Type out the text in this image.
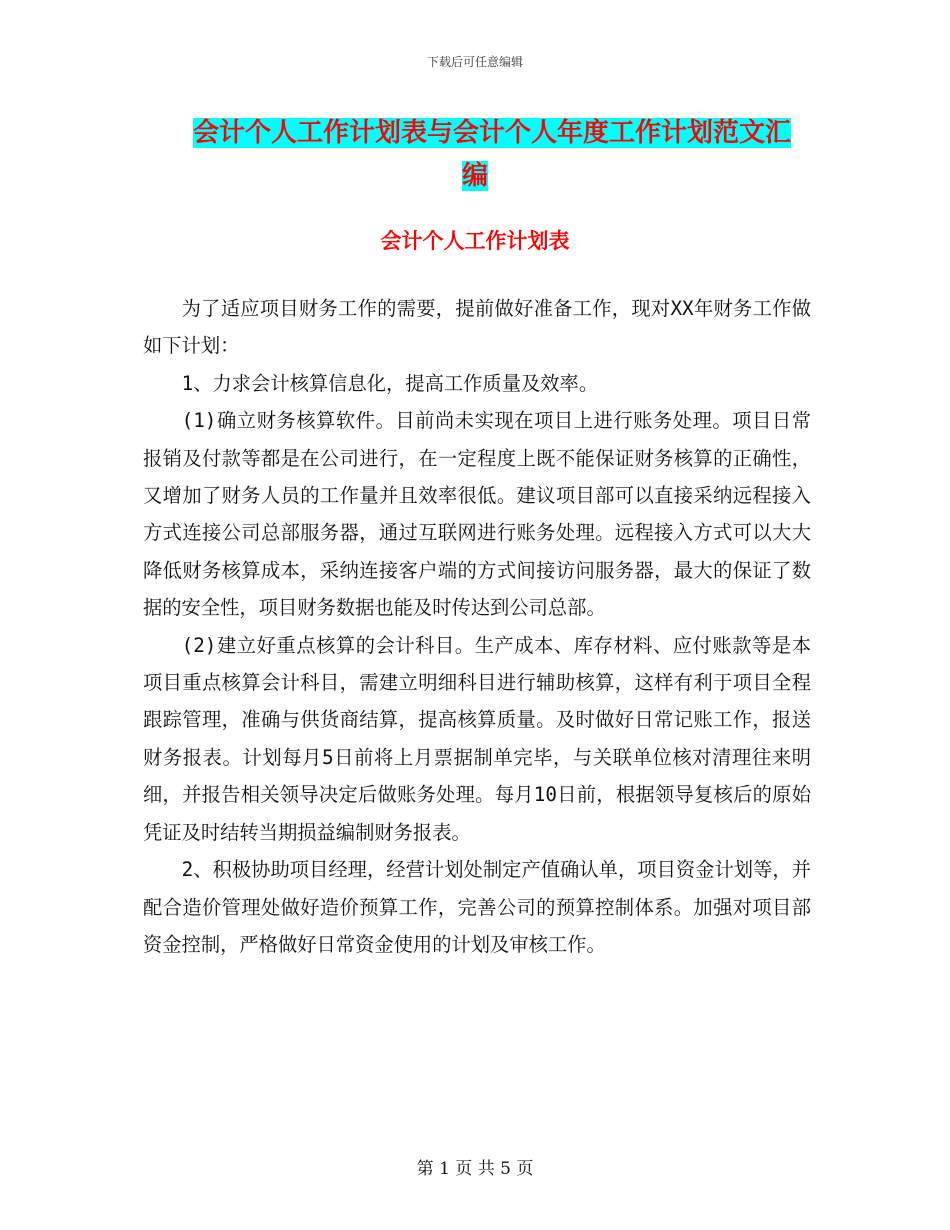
下载后可任意编辑
会计个人工作计划表与会计个人年度工作计划范文汇
编
会计个人工作计划表

为了适应项目财务工作的需要，提前做好准备工作，现对XX年财务工作做如下计划：

1、力求会计核算信息化，提高工作质量及效率。

(1)确立财务核算软件。目前尚未实现在项目上进行账务处理。项目日常报销及付款等都是在公司进行，在一定程度上既不能保证财务核算的正确性，又增加了财务人员的工作量并且效率很低。建议项目部可以直接采纳远程接入方式连接公司总部服务器，通过互联网进行账务处理。远程接入方式可以大大降低财务核算成本，采纳连接客户端的方式间接访问服务器，最大的保证了数据的安全性，项目财务数据也能及时传达到公司总部。

(2)建立好重点核算的会计科目。生产成本、库存材料、应付账款等是本项目重点核算会计科目，需建立明细科目进行辅助核算，这样有利于项目全程跟踪管理，准确与供货商结算，提高核算质量。及时做好日常记账工作，报送财务报表。计划每月5日前将上月票据制单完毕，与关联单位核对清理往来明细，并报告相关领导决定后做账务处理。每月10日前，根据领导复核后的原始凭证及时结转当期损益编制财务报表。

2、积极协助项目经理，经营计划处制定产值确认单，项目资金计划等，并配合造价管理处做好造价预算工作，完善公司的预算控制体系。加强对项目部资金控制，严格做好日常资金使用的计划及审核工作。

第 1 页 共 5 页
